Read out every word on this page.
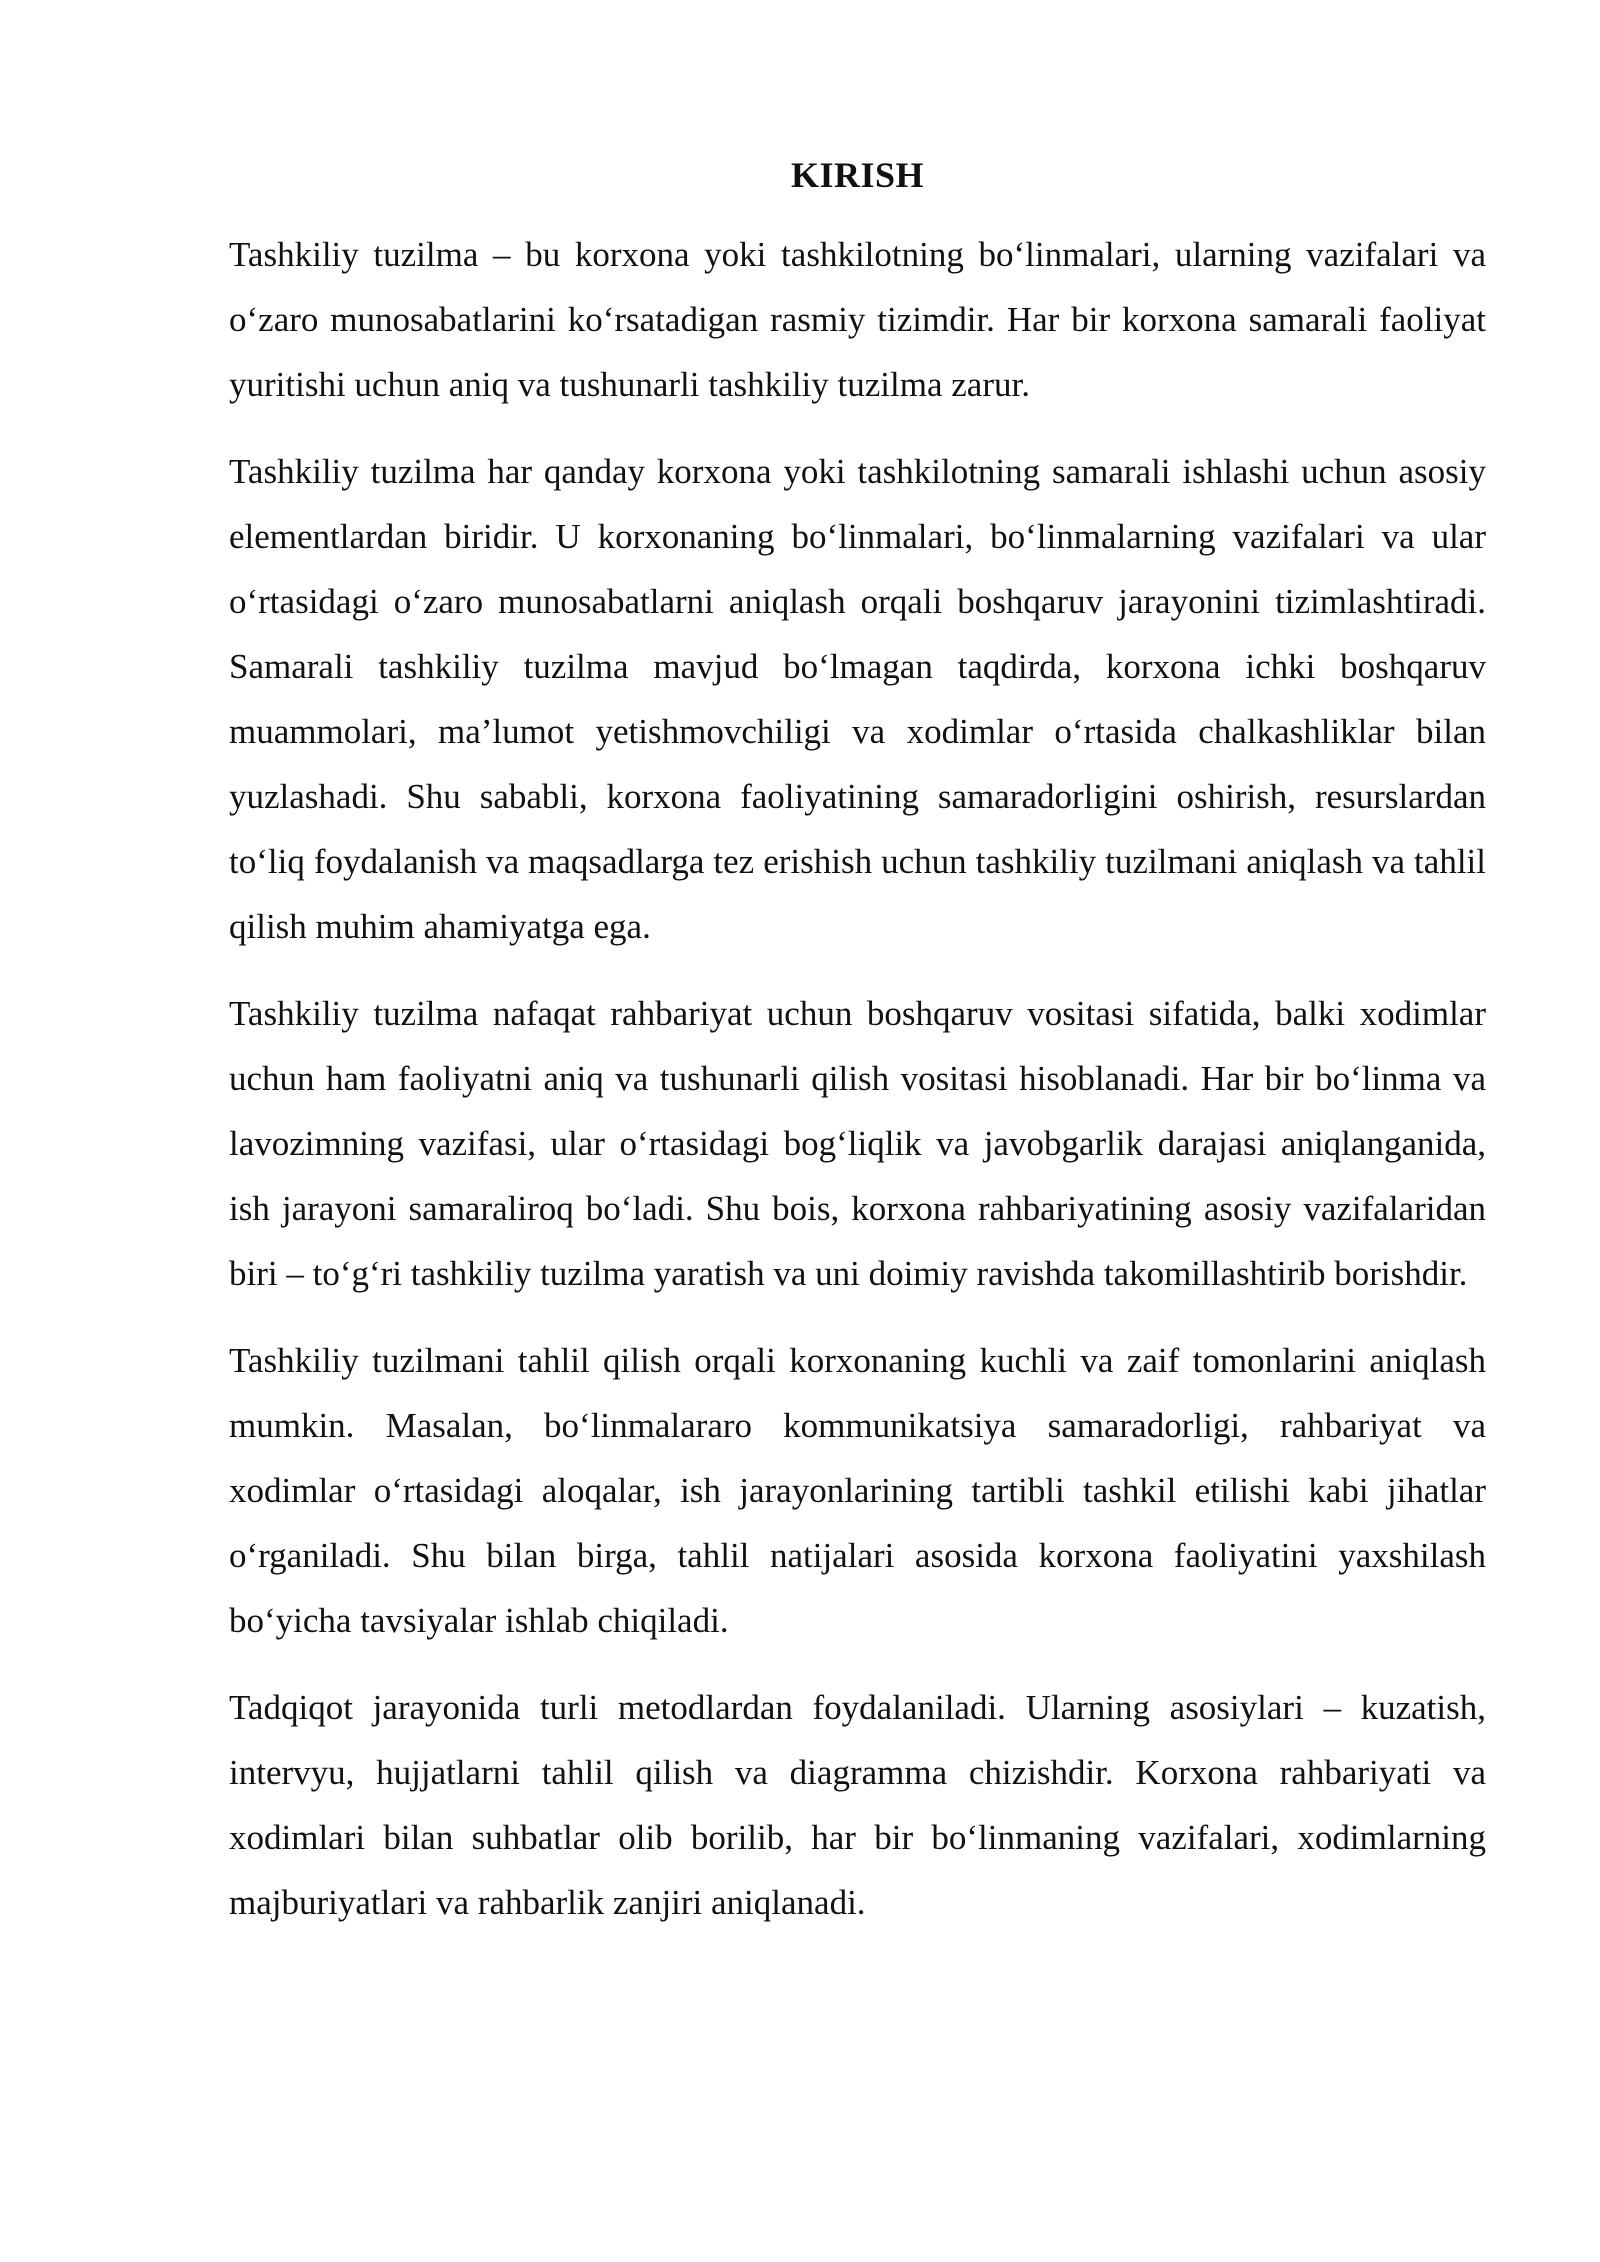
KIRISH

Tashkiliy tuzilma – bu korxona yoki tashkilotning bo‘linmalari, ularning vazifalari va o‘zaro munosabatlarini ko‘rsatadigan rasmiy tizimdir. Har bir korxona samarali faoliyat yuritishi uchun aniq va tushunarli tashkiliy tuzilma zarur.

Tashkiliy tuzilma har qanday korxona yoki tashkilotning samarali ishlashi uchun asosiy elementlardan biridir. U korxonaning bo‘linmalari, bo‘linmalarning vazifalari va ular o‘rtasidagi o‘zaro munosabatlarni aniqlash orqali boshqaruv jarayonini tizimlashtiradi. Samarali tashkiliy tuzilma mavjud bo‘lmagan taqdirda, korxona ichki boshqaruv muammolari, ma’lumot yetishmovchiligi va xodimlar o‘rtasida chalkashliklar bilan yuzlashadi. Shu sababli, korxona faoliyatining samaradorligini oshirish, resurslardan to‘liq foydalanish va maqsadlarga tez erishish uchun tashkiliy tuzilmani aniqlash va tahlil qilish muhim ahamiyatga ega.

Tashkiliy tuzilma nafaqat rahbariyat uchun boshqaruv vositasi sifatida, balki xodimlar uchun ham faoliyatni aniq va tushunarli qilish vositasi hisoblanadi. Har bir bo‘linma va lavozimning vazifasi, ular o‘rtasidagi bog‘liqlik va javobgarlik darajasi aniqlanganida, ish jarayoni samaraliroq bo‘ladi. Shu bois, korxona rahbariyatining asosiy vazifalaridan biri – to‘g‘ri tashkiliy tuzilma yaratish va uni doimiy ravishda takomillashtirib borishdir.

Tashkiliy tuzilmani tahlil qilish orqali korxonaning kuchli va zaif tomonlarini aniqlash mumkin. Masalan, bo‘linmalararo kommunikatsiya samaradorligi, rahbariyat va xodimlar o‘rtasidagi aloqalar, ish jarayonlarining tartibli tashkil etilishi kabi jihatlar o‘rganiladi. Shu bilan birga, tahlil natijalari asosida korxona faoliyatini yaxshilash bo‘yicha tavsiyalar ishlab chiqiladi.

Tadqiqot jarayonida turli metodlardan foydalaniladi. Ularning asosiylari – kuzatish, intervyu, hujjatlarni tahlil qilish va diagramma chizishdir. Korxona rahbariyati va xodimlari bilan suhbatlar olib borilib, har bir bo‘linmaning vazifalari, xodimlarning majburiyatlari va rahbarlik zanjiri aniqlanadi.
